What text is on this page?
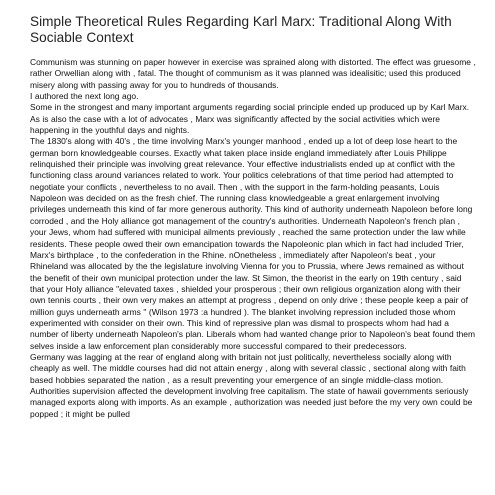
Simple Theoretical Rules Regarding Karl Marx: Traditional Along With Sociable Context
Communism was stunning on paper however in exercise was sprained along with distorted. The effect was gruesome , rather Orwellian along with , fatal. The thought of communism as it was planned was idealisitic; used this produced misery along with passing away for you to hundreds of thousands.
I authored the next long ago.
Some in the strongest and many important arguments regarding social principle ended up produced up by Karl Marx. As is also the case with a lot of advocates , Marx was significantly affected by the social activities which were happening in the youthful days and nights.
The 1830's along with 40's , the time involving Marx's younger manhood , ended up a lot of deep lose heart to the german born knowledgeable courses. Exactly what taken place inside england immediately after Louis Philippe relinquished their principle was involving great relevance. Your effective industrialists ended up at conflict with the functioning class around variances related to work. Your politics celebrations of that time period had attempted to negotiate your conflicts , nevertheless to no avail. Then , with the support in the farm-holding peasants, Louis Napoleon was decided on as the fresh chief. The running class knowledgeable a great enlargement involving privileges underneath this kind of far more generous authority. This kind of authority underneath Napoleon before long corroded , and the Holy alliance got management of the country's authorities. Underneath Napoleon's french plan , your Jews, whom had suffered with municipal ailments previously , reached the same protection under the law while residents. These people owed their own emancipation towards the Napoleonic plan which in fact had included Trier, Marx's birthplace , to the confederation in the Rhine. nOnetheless , immediately after Napoleon's beat , your Rhineland was allocated by the the legislature involving Vienna for you to Prussia, where Jews remained as without the benefit of their own municipal protection under the law. St Simon, the theorist in the early on 19th century , said that your Holy alliance "elevated taxes , shielded your prosperous ; their own religious organization along with their own tennis courts , their own very makes an attempt at progress , depend on only drive ; these people keep a pair of million guys underneath arms " (Wilson 1973 :a hundred ). The blanket involving repression included those whom experimented with consider on their own. This kind of repressive plan was dismal to prospects whom had had a number of liberty underneath Napoleon's plan. Liberals whom had wanted change prior to Napoleon's beat found them selves inside a law enforcement plan considerably more successful compared to their predecessors.
Germany was lagging at the rear of england along with britain not just politically, nevertheless socially along with cheaply as well. The middle courses had did not attain energy , along with several classic , sectional along with faith based hobbies separated the nation , as a result preventing your emergence of an single middle-class motion. Authorities supervision affected the development involving free capitalism. The state of hawaii governments seriously managed exports along with imports. As an example , authorization was needed just before the my very own could be popped ; it might be pulled
